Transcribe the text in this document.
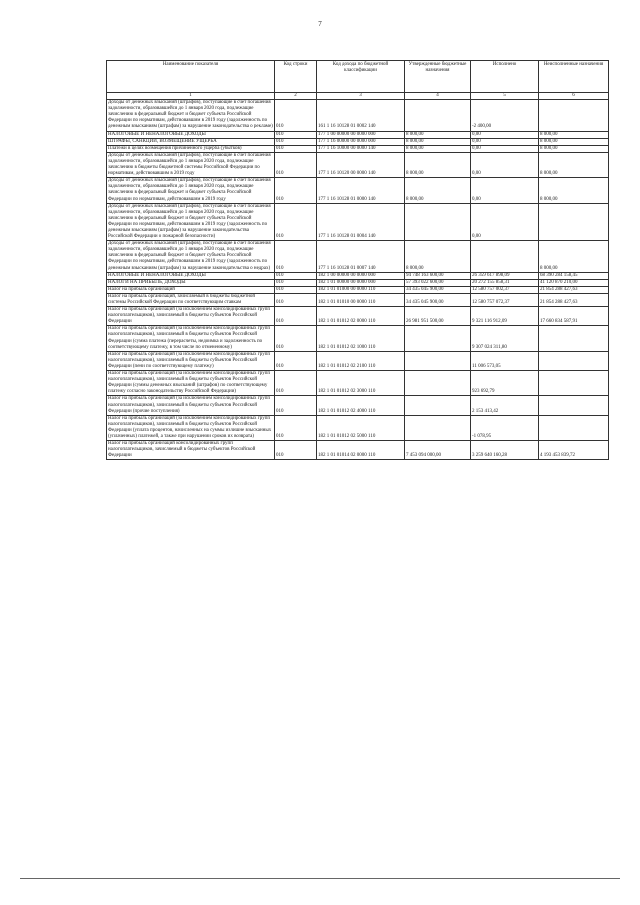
7
Наименование показателя	Код строки	Код дохода по бюджетной классификации	Утвержденные бюджетные назначения	Исполнено	Неисполненные назначения
1	2	3	4	5	6
Доходы от денежных взысканий (штрафов), поступающие в счет погашения задолженности, образовавшейся до 1 января 2020 года, подлежащие зачислению в федеральный бюджет и бюджет субъекта Российской Федерации по нормативам, действовавшим в 2019 году (задолженность по денежным взысканиям (штрафам) за нарушение законодательства о рекламе)	010	161 1 16 10128 01 0002 140		-2 400,00	
НАЛОГОВЫЕ И НЕНАЛОГОВЫЕ ДОХОДЫ	010	177 1 00 00000 00 0000 000	8 000,00	0,00	8 000,00
ШТРАФЫ, САНКЦИИ, ВОЗМЕЩЕНИЕ УЩЕРБА	010	177 1 16 00000 00 0000 000	8 000,00	0,00	8 000,00
Платежи в целях возмещения причиненного ущерба (убытков)	010	177 1 16 10000 00 0000 140	8 000,00	0,00	8 000,00
Доходы от денежных взысканий (штрафов), поступающие в счет погашения задолженности, образовавшейся до 1 января 2020 года, подлежащие зачислению в бюджеты бюджетной системы Российской Федерации по нормативам, действовавшим в 2019 году	010	177 1 16 10120 00 0000 140	8 000,00	0,00	8 000,00
Доходы от денежных взысканий (штрафов), поступающие в счет погашения задолженности, образовавшейся до 1 января 2020 года, подлежащие зачислению в федеральный бюджет и бюджет субъекта Российской Федерации по нормативам, действовавшим в 2019 году	010	177 1 16 10128 01 0000 140	8 000,00	0,00	8 000,00
Доходы от денежных взысканий (штрафов), поступающие в счет погашения задолженности, образовавшейся до 1 января 2020 года, подлежащие зачислению в федеральный бюджет и бюджет субъекта Российской Федерации по нормативам, действовавшим в 2019 году (задолженность по денежным взысканиям (штрафам) за нарушение законодательства Российской Федерации о пожарной безопасности)	010	177 1 16 10128 01 0004 140		0,00	
Доходы от денежных взысканий (штрафов), поступающие в счет погашения задолженности, образовавшейся до 1 января 2020 года, подлежащие зачислению в федеральный бюджет и бюджет субъекта Российской Федерации по нормативам, действовавшим в 2019 году (задолженность по денежным взысканиям (штрафам) за нарушение законодательства о недрах)	010	177 1 16 10128 01 0007 140	8 000,00		8 000,00
НАЛОГОВЫЕ И НЕНАЛОГОВЫЕ ДОХОДЫ	010	182 1 00 00000 00 0000 000	94 748 163 600,00	26 359 617 898,09	68 390 284 158,45
НАЛОГИ НА ПРИБЫЛЬ, ДОХОДЫ	010	182 1 01 00000 00 0000 000	57 393 022 600,00	20 272 155 858,31	41 120 870 210,00
Налог на прибыль организаций	010	182 1 01 01000 00 0000 110	34 435 045 900,00	12 580 757 002,37	21 854 288 427,63
Налог на прибыль организаций, зачисляемый в бюджеты бюджетной системы Российской Федерации по соответствующим ставкам	010	182 1 01 01010 00 0000 110	34 435 045 900,00	12 580 757 072,37	21 854 288 427,63
Налог на прибыль организаций (за исключением консолидированных групп налогоплательщиков), зачисляемый в бюджеты субъектов Российской Федерации	010	182 1 01 01012 02 0000 110	26 981 951 500,00	9 321 116 912,09	17 660 834 587,91
Налог на прибыль организаций (за исключением консолидированных групп налогоплательщиков), зачисляемый в бюджеты субъектов Российской Федерации (сумма платежа (перерасчеты, недоимка и задолженность по соответствующему платежу, в том числе по отмененному)	010	182 1 01 01012 02 1000 110		9 307 024 311,80	
Налог на прибыль организаций (за исключением консолидированных групп налогоплательщиков), зачисляемый в бюджеты субъектов Российской Федерации (пени по соответствующему платежу)	010	182 1 01 01012 02 2100 110		11 006 573,05	
Налог на прибыль организаций (за исключением консолидированных групп налогоплательщиков), зачисляемый в бюджеты субъектов Российской Федерации (суммы денежных взысканий (штрафов) по соответствующему платежу согласно законодательству Российской Федерации)	010	182 1 01 01012 02 3000 110		923 692,79	
Налог на прибыль организаций (за исключением консолидированных групп налогоплательщиков), зачисляемый в бюджеты субъектов Российской Федерации (прочие поступления)	010	182 1 01 01012 02 4000 110		2 153 413,42	
Налог на прибыль организаций (за исключением консолидированных групп налогоплательщиков), зачисляемый в бюджеты субъектов Российской Федерации (уплата процентов, начисленных на суммы излишне взысканных (уплаченных) платежей, а также при нарушении сроков их возврата)	010	182 1 01 01012 02 5000 110		-1 078,95	
Налог на прибыль организаций консолидированных групп налогоплательщиков, зачисляемый в бюджеты субъектов Российской Федерации	010	182 1 01 01014 02 0000 110	7 453 094 000,00	3 259 640 160,28	4 193 453 839,72
